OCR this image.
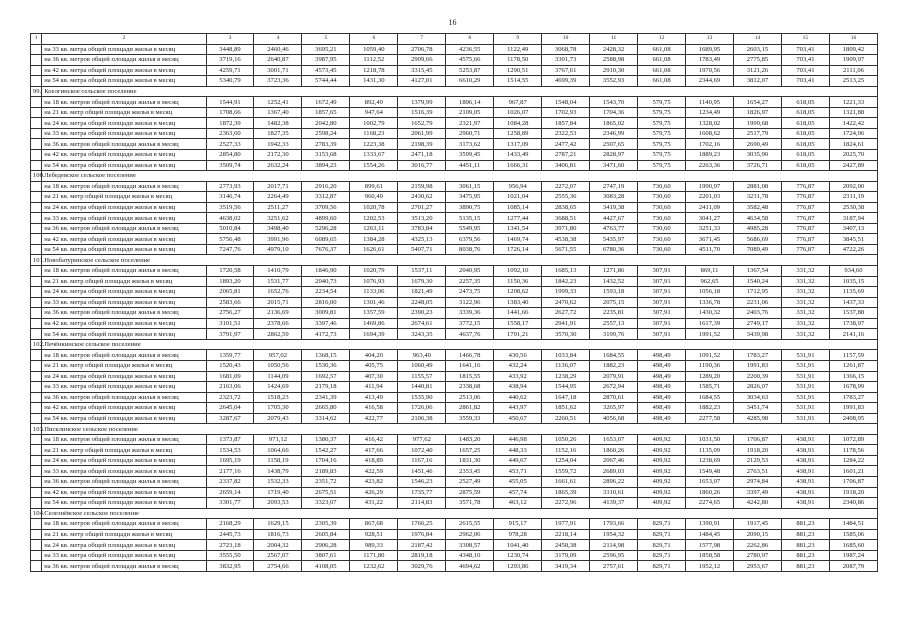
16
1	2	3	4	5	6	7	8	9	10	11	12	13	14	15	16
	на 33 кв. метра общей площади жилья в месяц	3448,89	2460,46	3695,21	1059,40	2706,78	4236,55	1122,49	3068,78	2428,32	661,08	1689,95	2603,15	703,41	1809,42
	на 36 кв. метров общей площади жилья в месяц	3719,16	2640,87	3987,95	1112,52	2909,66	4575,66	1178,50	3301,73	2588,98	661,08	1783,49	2775,85	703,41	1909,97
	на 42 кв. метра общей площади жилья в месяц	4259,71	3001,71	4573,45	1218,78	3315,45	5253,87	1290,51	3767,61	2910,30	661,08	1970,56	3121,26	703,41	2111,06
	на 54 кв. метра общей площади жилья в месяц	5340,79	3723,36	5744,44	1431,30	4127,01	6610,29	1514,55	4699,39	3552,93	661,08	2344,69	3812,07	703,41	2513,25
99.	Коелгинское сельское поселение														
	на 18 кв. метров общей площади жилья в месяц	1544,91	1252,41	1672,49	892,49	1379,99	1896,14	967,87	1548,04	1543,70	579,75	1140,95	1654,27	618,05	1221,33
	на 21 кв. метр общей площади жилья в месяц	1708,66	1367,40	1857,65	947,64	1516,39	2109,05	1026,07	1702,93	1704,36	579,75	1234,49	1826,97	618,05	1321,88
	на 24 кв. метра общей площади жилья в месяц	1872,39	1482,38	2042,80	1002,79	1652,79	2321,97	1084,28	1857,84	1865,02	579,75	1328,02	1999,68	618,05	1422,42
	на 33 кв. метра общей площади жилья в месяц	2363,60	1827,35	2598,24	1168,23	2061,99	2960,71	1258,89	2322,53	2346,99	579,75	1608,62	2517,79	618,05	1724,06
	на 36 кв. метров общей площади жилья в месяц	2527,33	1942,33	2783,39	1223,38	2198,39	3173,62	1317,09	2477,42	2507,65	579,75	1702,16	2690,49	618,05	1824,61
	на 42 кв. метра общей площади жилья в месяц	2854,80	2172,30	3153,68	1333,67	2471,18	3599,45	1433,49	2787,21	2828,97	579,75	1889,23	3035,90	618,05	2025,70
	на 54 кв. метра общей площади жилья в месяц	3509,74	2632,24	3894,23	1554,26	3016,77	4451,11	1666,31	3406,81	3471,60	579,75	2263,36	3726,71	618,05	2427,89
100.	Лебедевское сельское поселение														
	на 18 кв. метров общей площади жилья в месяц	2773,93	2017,71	2916,20	899,61	2159,98	3061,15	956,94	2272,07	2747,19	730,60	1990,97	2881,08	776,87	2092,00
	на 21 кв. метр общей площади жилья в месяц	3146,74	2264,49	3312,87	960,49	2430,62	3475,95	1021,04	2555,36	3083,28	730,60	2201,03	3231,78	776,87	2311,19
	на 24 кв. метра общей площади жилья в месяц	3519,56	2511,27	3709,56	1020,78	2701,27	3890,75	1085,14	2838,65	3419,38	730,60	2411,09	3582,48	776,87	2530,38
	на 33 кв. метра общей площади жилья в месяц	4638,02	3251,62	4899,60	1202,53	3513,20	5135,15	1277,44	3688,51	4427,67	730,60	3041,27	4634,58	776,87	3187,94
	на 36 кв. метров общей площади жилья в месяц	5010,84	3498,40	5296,28	1263,11	3783,84	5549,95	1341,54	3971,80	4763,77	730,60	3251,33	4985,28	776,87	3407,13
	на 42 кв. метра общей площади жилья в месяц	5756,48	3991,96	6089,65	1384,28	4325,13	6379,56	1469,74	4538,38	5435,97	730,60	3671,45	5686,69	776,87	3845,51
	на 54 кв. метра общей площади жилья в месяц	7247,76	4979,10	7676,37	1626,61	5407,71	8038,76	1726,14	5671,55	6780,36	730,60	4511,70	7089,49	776,87	4722,26
101.	Новобатуринское сельское поселение														
	на 18 кв. метров общей площади жилья в месяц	1720,58	1410,79	1846,90	1020,79	1537,11	2040,95	1092,10	1685,13	1271,86	307,91	869,11	1367,54	331,32	934,60
	на 21 кв. метр общей площади жилья в месяц	1893,20	1531,77	2040,73	1076,93	1679,30	2257,35	1150,36	1842,23	1432,52	307,91	962,65	1540,24	331,32	1035,15
	на 24 кв. метра общей площади жилья в месяц	2065,81	1652,76	2234,54	1133,06	1821,49	2473,75	1208,62	1999,33	1593,18	307,91	1056,18	1712,95	331,32	1135,69
	на 33 кв. метра общей площади жилья в месяц	2583,66	2015,71	2816,00	1301,46	2248,05	3122,96	1383,40	2470,62	2075,15	307,91	1336,78	2231,06	331,32	1437,33
	на 36 кв. метров общей площади жилья в месяц	2756,27	2136,69	3009,81	1357,59	2390,23	3339,36	1441,66	2627,72	2235,81	307,91	1430,32	2403,76	331,32	1537,88
	на 42 кв. метра общей площади жилья в месяц	3101,51	2378,66	3397,46	1469,86	2674,61	3772,15	1558,17	2941,91	2557,13	307,91	1617,39	2749,17	331,32	1738,97
	на 54 кв. метра общей площади жилья в месяц	3791,97	2862,59	4172,73	1694,39	3243,35	4637,76	1791,21	3570,30	3199,76	307,91	1991,52	3439,98	331,32	2141,16
102.	Печёнкинское сельское поселение														
	на 18 кв. метров общей площади жилья в месяц	1359,77	957,02	1368,15	404,20	963,40	1466,78	430,56	1033,84	1684,55	498,49	1091,52	1783,27	531,91	1157,59
	на 21 кв. метр общей площади жилья в месяц	1520,43	1050,56	1530,36	405,75	1060,49	1641,16	432,24	1136,07	1882,23	498,49	1190,36	1991,83	531,91	1261,87
	на 24 кв. метра общей площади жилья в месяц	1681,09	1144,09	1692,57	407,30	1155,57	1815,55	433,92	1238,29	2079,91	498,49	1289,20	2200,39	531,91	1366,15
	на 33 кв. метра общей площади жилья в месяц	2163,06	1424,69	2179,18	411,94	1440,81	2338,68	438,94	1544,95	2672,94	498,49	1585,71	2826,07	531,91	1678,99
	на 36 кв. метров общей площади жилья в месяц	2323,72	1518,23	2341,39	413,49	1535,90	2513,06	440,62	1647,18	2870,61	498,49	1684,55	3034,63	531,91	1783,27
	на 42 кв. метра общей площади жилья в месяц	2645,04	1705,30	2665,80	416,58	1726,06	2861,82	443,97	1851,62	3265,97	498,49	1882,23	3451,74	531,91	1991,83
	на 54 кв. метра общей площади жилья в месяц	3287,67	2079,43	3314,62	422,77	2106,38	3559,33	450,67	2260,51	4056,68	498,49	2277,58	4285,98	531,91	2408,95
103.	Писклинское сельское поселение														
	на 18 кв. метров общей площади жилья в месяц	1373,87	971,12	1380,37	416,42	977,62	1483,20	446,98	1050,26	1653,07	409,92	1031,50	1706,87	438,91	1072,89
	на 21 кв. метр общей площади жилья в месяц	1534,53	1064,66	1542,27	417,66	1072,40	1657,25	448,33	1152,16	1860,26	409,92	1135,09	1918,20	438,91	1178,56
	на 24 кв. метра общей площади жилья в месяц	1695,19	1158,19	1704,16	418,89	1167,16	1831,30	449,67	1254,04	2067,46	409,92	1238,69	2129,53	438,91	1284,22
	на 33 кв. метра общей площади жилья в месяц	2177,16	1438,79	2189,83	422,59	1451,46	2353,45	453,71	1559,72	2689,03	409,92	1549,48	2763,51	438,91	1601,21
	на 36 кв. метров общей площади жилья в месяц	2337,82	1532,33	2351,72	423,82	1546,23	2527,49	455,05	1661,61	2896,22	409,92	1653,07	2974,84	438,91	1706,87
	на 42 кв. метра общей площади жилья в месяц	2659,14	1719,40	2675,51	426,29	1735,77	2875,59	457,74	1865,39	3310,61	409,92	1860,26	3397,49	438,91	1918,20
	на 54 кв. метра общей площади жилья в месяц	3301,77	2093,53	3323,07	431,22	2114,83	3571,78	463,12	2272,96	4139,37	409,92	2274,65	4242,80	438,91	2340,86
104.	Селезнёвское сельское поселение														
	на 18 кв. метров общей площади жилья в месяц	2168,29	1629,15	2305,39	867,68	1766,25	2615,55	915,17	1977,91	1793,66	829,71	1390,91	1917,45	881,23	1484,51
	на 21 кв. метр общей площади жилья в месяц	2445,73	1816,73	2605,84	928,51	1976,84	2962,06	978,28	2218,14	1954,32	829,71	1484,45	2090,15	881,23	1585,06
	на 24 кв. метра общей площади жилья в месяц	2723,18	2004,32	2906,28	989,33	2187,42	3308,57	1041,40	2458,38	2114,98	829,71	1577,98	2262,86	881,23	1685,60
	на 33 кв. метра общей площади жилья в месяц	3555,50	2567,07	3807,61	1171,80	2819,18	4348,10	1230,74	3179,09	2596,95	829,71	1858,58	2780,97	881,23	1987,24
	на 36 кв. метров общей площади жилья в месяц	3832,95	2754,66	4108,05	1232,62	3029,76	4694,62	1293,86	3419,34	2757,61	829,71	1952,12	2953,67	881,23	2087,79
